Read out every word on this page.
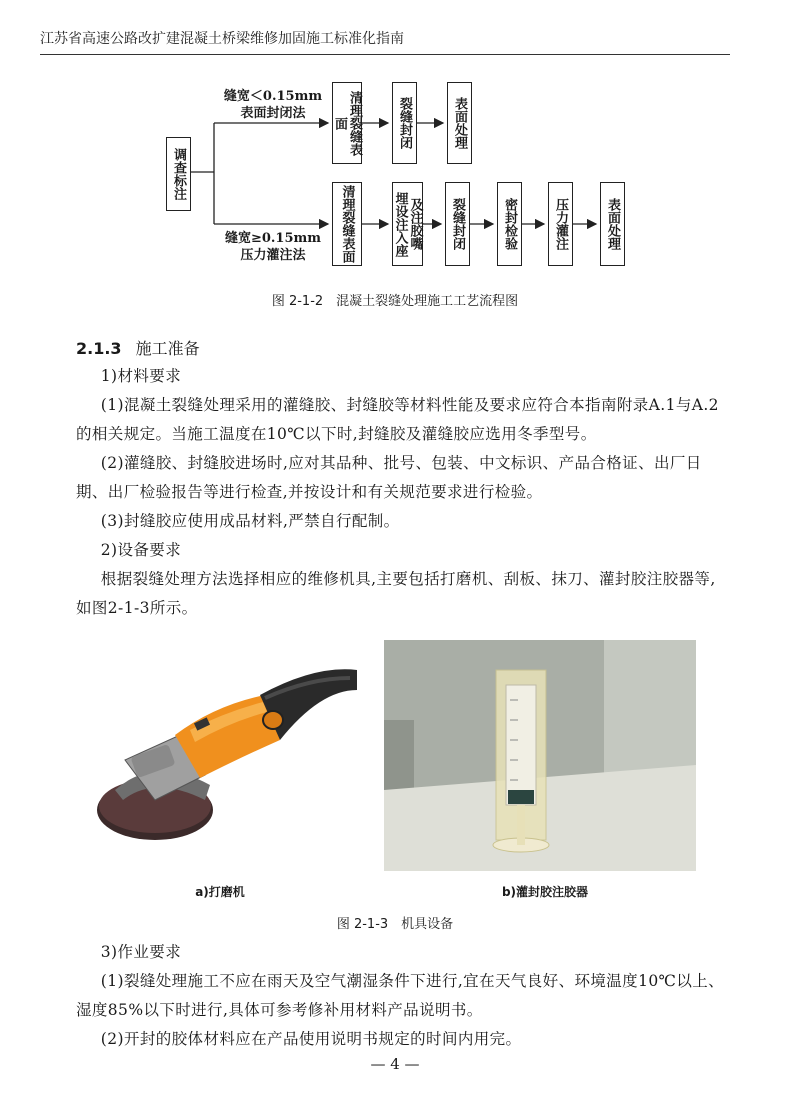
江苏省高速公路改扩建混凝土桥梁维修加固施工标准化指南
调查标注
缝宽＜0.15mm
表面封闭法
缝宽≥0.15mm
压力灌注法
清理裂缝表面	裂缝封闭	表面处理
清理裂缝表面	及注胶嘴
埋设注入座	裂缝封闭	密封检验	压力灌注	表面处理
图 2-1-2　混凝土裂缝处理施工工艺流程图
2.1.3 施工准备

1)材料要求

(1)混凝土裂缝处理采用的灌缝胶、封缝胶等材料性能及要求应符合本指南附录A.1与A.2的相关规定。当施工温度在10℃以下时,封缝胶及灌缝胶应选用冬季型号。

(2)灌缝胶、封缝胶进场时,应对其品种、批号、包装、中文标识、产品合格证、出厂日期、出厂检验报告等进行检查,并按设计和有关规范要求进行检验。

(3)封缝胶应使用成品材料,严禁自行配制。

2)设备要求

根据裂缝处理方法选择相应的维修机具,主要包括打磨机、刮板、抹刀、灌封胶注胶器等,如图2-1-3所示。

a)打磨机	b)灌封胶注胶器
图 2-1-3　机具设备

3)作业要求

(1)裂缝处理施工不应在雨天及空气潮湿条件下进行,宜在天气良好、环境温度10℃以上、湿度85%以下时进行,具体可参考修补用材料产品说明书。

(2)开封的胶体材料应在产品使用说明书规定的时间内用完。

— 4 —
